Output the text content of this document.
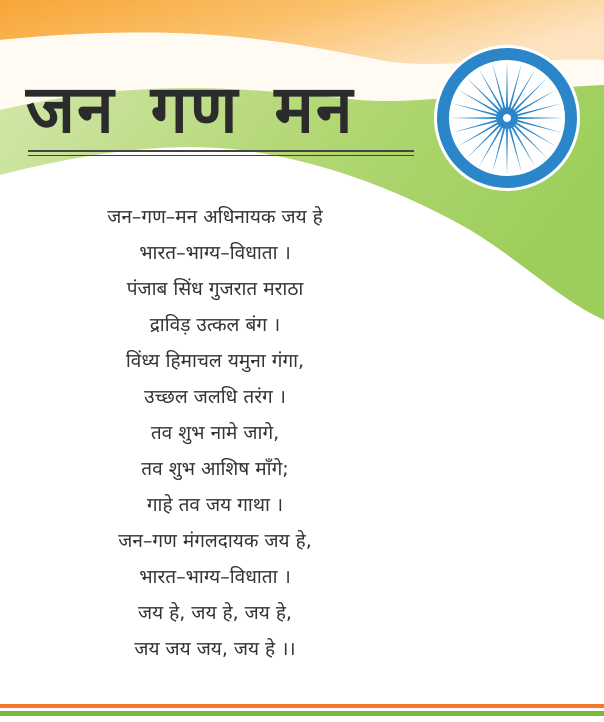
जन गण मन
जन–गण–मन अधिनायक जय हे
भारत–भाग्य–विधाता ।
पंजाब सिंध गुजरात मराठा
द्राविड़ उत्कल बंग ।
विंध्य हिमाचल यमुना गंगा,
उच्छल जलधि तरंग ।
तव शुभ नामे जागे,
तव शुभ आशिष माँगे;
गाहे तव जय गाथा ।
जन–गण मंगलदायक जय हे,
भारत–भाग्य–विधाता ।
जय हे, जय हे, जय हे,
जय जय जय, जय हे ।।
